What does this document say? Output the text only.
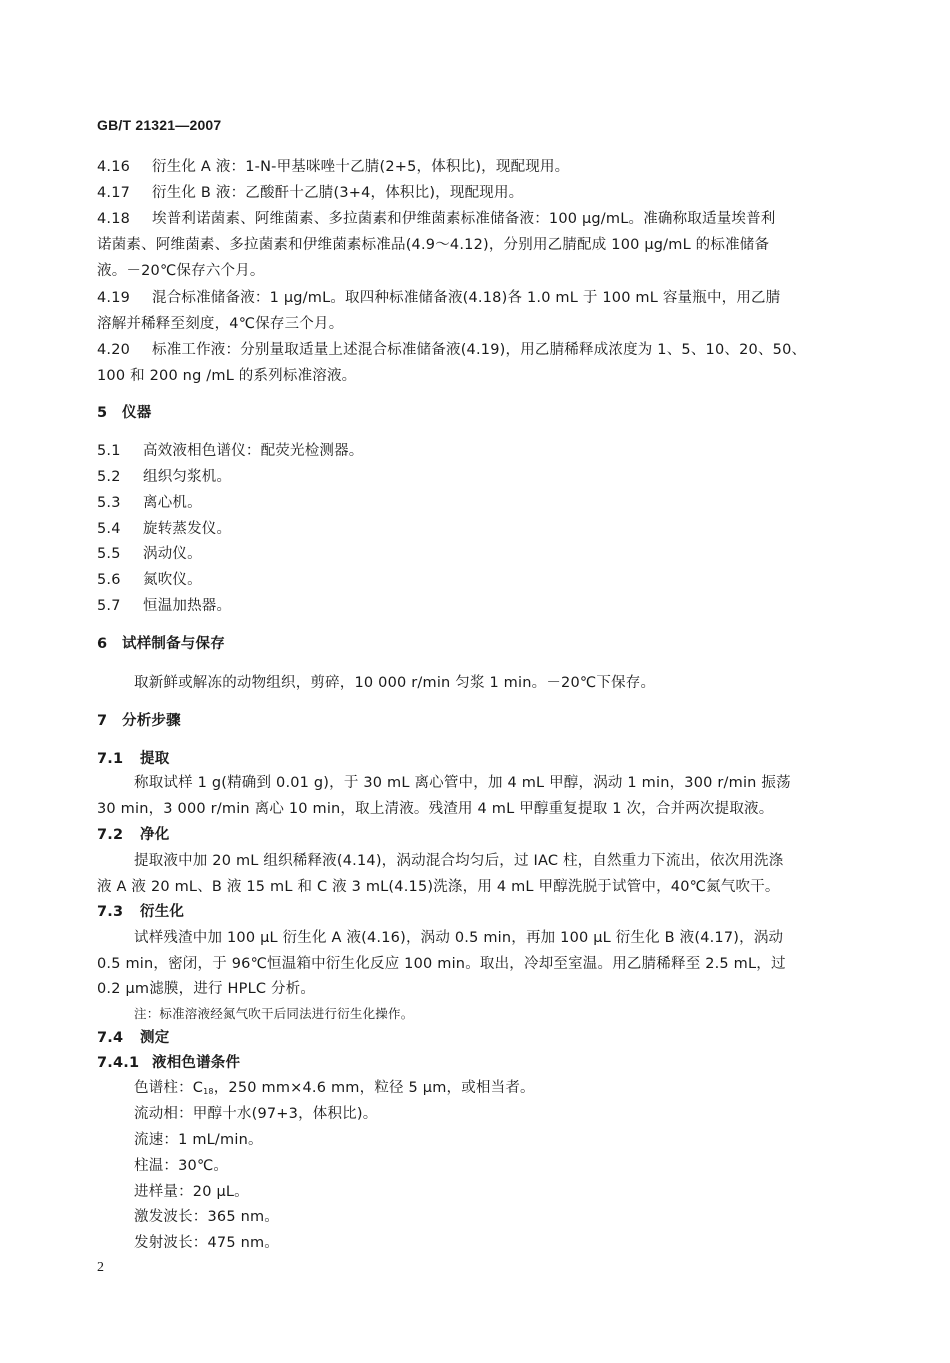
GB/T 21321—2007
4.16 衍生化 A 液：1-N-甲基咪唑十乙腈(2+5，体积比)，现配现用。
4.17 衍生化 B 液：乙酸酐十乙腈(3+4，体积比)，现配现用。
4.18 埃普利诺菌素、阿维菌素、多拉菌素和伊维菌素标准储备液：100 μg/mL。准确称取适量埃普利
诺菌素、阿维菌素、多拉菌素和伊维菌素标准品(4.9～4.12)，分别用乙腈配成 100 μg/mL 的标准储备
液。－20℃保存六个月。
4.19 混合标准储备液：1 μg/mL。取四种标准储备液(4.18)各 1.0 mL 于 100 mL 容量瓶中，用乙腈
溶解并稀释至刻度，4℃保存三个月。
4.20 标准工作液：分别量取适量上述混合标准储备液(4.19)，用乙腈稀释成浓度为 1、5、10、20、50、
100 和 200 ng /mL 的系列标准溶液。
5　仪器
5.1 高效液相色谱仪：配荧光检测器。
5.2 组织匀浆机。
5.3 离心机。
5.4 旋转蒸发仪。
5.5 涡动仪。
5.6 氮吹仪。
5.7 恒温加热器。
6　试样制备与保存
取新鲜或解冻的动物组织，剪碎，10 000 r/min 匀浆 1 min。－20℃下保存。
7　分析步骤
7.1 提取
称取试样 1 g(精确到 0.01 g)，于 30 mL 离心管中，加 4 mL 甲醇，涡动 1 min，300 r/min 振荡
30 min，3 000 r/min 离心 10 min，取上清液。残渣用 4 mL 甲醇重复提取 1 次，合并两次提取液。
7.2 净化
提取液中加 20 mL 组织稀释液(4.14)，涡动混合均匀后，过 IAC 柱，自然重力下流出，依次用洗涤
液 A 液 20 mL、B 液 15 mL 和 C 液 3 mL(4.15)洗涤，用 4 mL 甲醇洗脱于试管中，40℃氮气吹干。
7.3 衍生化
试样残渣中加 100 μL 衍生化 A 液(4.16)，涡动 0.5 min，再加 100 μL 衍生化 B 液(4.17)，涡动
0.5 min，密闭，于 96℃恒温箱中衍生化反应 100 min。取出，冷却至室温。用乙腈稀释至 2.5 mL，过
0.2 μm滤膜，进行 HPLC 分析。
注：标准溶液经氮气吹干后同法进行衍生化操作。
7.4 测定
7.4.1 液相色谱条件
色谱柱：C18，250 mm×4.6 mm，粒径 5 μm，或相当者。
流动相：甲醇十水(97+3，体积比)。
流速：1 mL/min。
柱温：30℃。
进样量：20 μL。
激发波长：365 nm。
发射波长：475 nm。
2
